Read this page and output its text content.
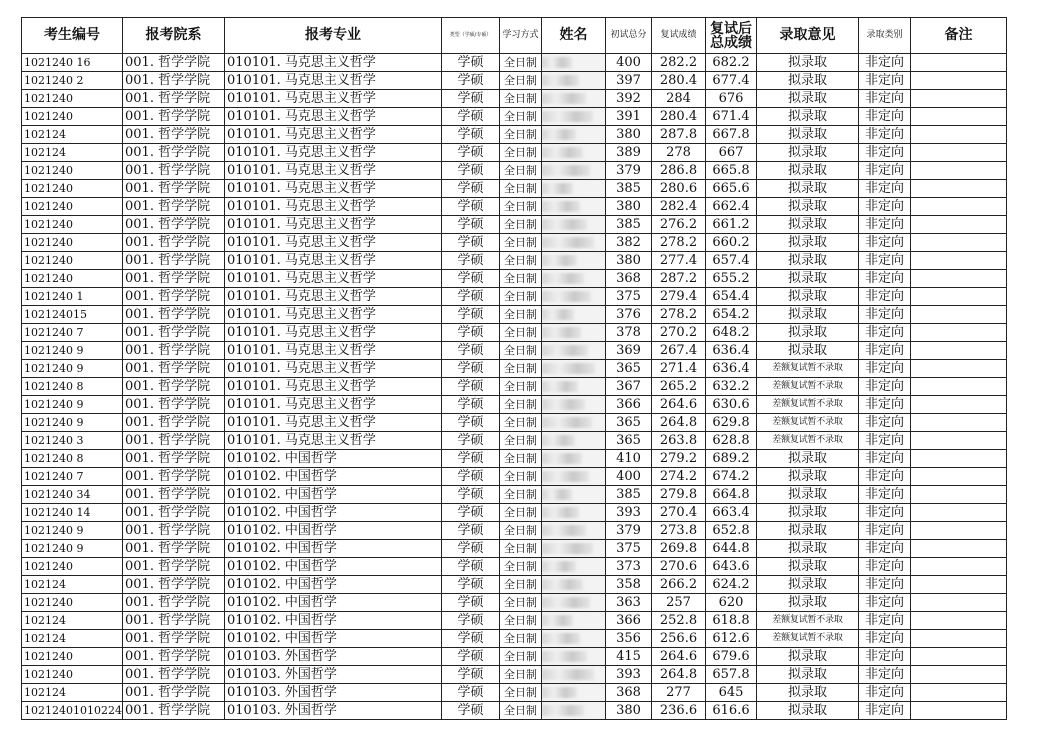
考生编号	报考院系	报考专业	类型（学硕/专硕）	学习方式	姓名	初试总分	复试成绩	复试后总成绩	录取意见	录取类别	备注
1021240 16	001. 哲学学院	010101. 马克思主义哲学	学硕	全日制		400	282.2	682.2	拟录取	非定向	
1021240 2	001. 哲学学院	010101. 马克思主义哲学	学硕	全日制		397	280.4	677.4	拟录取	非定向	
1021240	001. 哲学学院	010101. 马克思主义哲学	学硕	全日制		392	284	676	拟录取	非定向	
1021240	001. 哲学学院	010101. 马克思主义哲学	学硕	全日制		391	280.4	671.4	拟录取	非定向	
102124	001. 哲学学院	010101. 马克思主义哲学	学硕	全日制		380	287.8	667.8	拟录取	非定向	
102124	001. 哲学学院	010101. 马克思主义哲学	学硕	全日制		389	278	667	拟录取	非定向	
1021240	001. 哲学学院	010101. 马克思主义哲学	学硕	全日制		379	286.8	665.8	拟录取	非定向	
1021240	001. 哲学学院	010101. 马克思主义哲学	学硕	全日制		385	280.6	665.6	拟录取	非定向	
1021240	001. 哲学学院	010101. 马克思主义哲学	学硕	全日制		380	282.4	662.4	拟录取	非定向	
1021240	001. 哲学学院	010101. 马克思主义哲学	学硕	全日制		385	276.2	661.2	拟录取	非定向	
1021240	001. 哲学学院	010101. 马克思主义哲学	学硕	全日制		382	278.2	660.2	拟录取	非定向	
1021240	001. 哲学学院	010101. 马克思主义哲学	学硕	全日制		380	277.4	657.4	拟录取	非定向	
1021240	001. 哲学学院	010101. 马克思主义哲学	学硕	全日制		368	287.2	655.2	拟录取	非定向	
1021240 1	001. 哲学学院	010101. 马克思主义哲学	学硕	全日制		375	279.4	654.4	拟录取	非定向	
102124015	001. 哲学学院	010101. 马克思主义哲学	学硕	全日制		376	278.2	654.2	拟录取	非定向	
1021240 7	001. 哲学学院	010101. 马克思主义哲学	学硕	全日制		378	270.2	648.2	拟录取	非定向	
1021240 9	001. 哲学学院	010101. 马克思主义哲学	学硕	全日制		369	267.4	636.4	拟录取	非定向	
1021240 9	001. 哲学学院	010101. 马克思主义哲学	学硕	全日制		365	271.4	636.4	差额复试暂不录取	非定向	
1021240 8	001. 哲学学院	010101. 马克思主义哲学	学硕	全日制		367	265.2	632.2	差额复试暂不录取	非定向	
1021240 9	001. 哲学学院	010101. 马克思主义哲学	学硕	全日制		366	264.6	630.6	差额复试暂不录取	非定向	
1021240 9	001. 哲学学院	010101. 马克思主义哲学	学硕	全日制		365	264.8	629.8	差额复试暂不录取	非定向	
1021240 3	001. 哲学学院	010101. 马克思主义哲学	学硕	全日制		365	263.8	628.8	差额复试暂不录取	非定向	
1021240 8	001. 哲学学院	010102. 中国哲学	学硕	全日制		410	279.2	689.2	拟录取	非定向	
1021240 7	001. 哲学学院	010102. 中国哲学	学硕	全日制		400	274.2	674.2	拟录取	非定向	
1021240 34	001. 哲学学院	010102. 中国哲学	学硕	全日制		385	279.8	664.8	拟录取	非定向	
1021240 14	001. 哲学学院	010102. 中国哲学	学硕	全日制		393	270.4	663.4	拟录取	非定向	
1021240 9	001. 哲学学院	010102. 中国哲学	学硕	全日制		379	273.8	652.8	拟录取	非定向	
1021240 9	001. 哲学学院	010102. 中国哲学	学硕	全日制		375	269.8	644.8	拟录取	非定向	
1021240	001. 哲学学院	010102. 中国哲学	学硕	全日制		373	270.6	643.6	拟录取	非定向	
102124	001. 哲学学院	010102. 中国哲学	学硕	全日制		358	266.2	624.2	拟录取	非定向	
1021240	001. 哲学学院	010102. 中国哲学	学硕	全日制		363	257	620	拟录取	非定向	
102124	001. 哲学学院	010102. 中国哲学	学硕	全日制		366	252.8	618.8	差额复试暂不录取	非定向	
102124	001. 哲学学院	010102. 中国哲学	学硕	全日制		356	256.6	612.6	差额复试暂不录取	非定向	
1021240	001. 哲学学院	010103. 外国哲学	学硕	全日制		415	264.6	679.6	拟录取	非定向	
1021240	001. 哲学学院	010103. 外国哲学	学硕	全日制		393	264.8	657.8	拟录取	非定向	
102124	001. 哲学学院	010103. 外国哲学	学硕	全日制		368	277	645	拟录取	非定向	
10212401010224	001. 哲学学院	010103. 外国哲学	学硕	全日制		380	236.6	616.6	拟录取	非定向	
